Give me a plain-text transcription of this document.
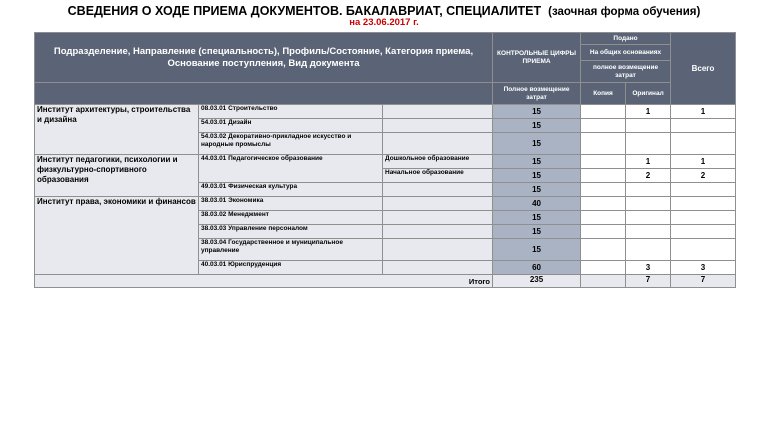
СВЕДЕНИЯ О ХОДЕ ПРИЕМА ДОКУМЕНТОВ. БАКАЛАВРИАТ, СПЕЦИАЛИТЕТ (заочная форма обучения)
на 23.06.2017 г.
Подразделение, Направление (специальность), Профиль/Состояние, Категория приема, Основание поступления, Вид документа			КОНТРОЛЬНЫЕ ЦИФРЫ ПРИЕМА	Подано		Всего
				На общих основаниях		
				полное возмещение затрат		
			Полное возмещение затрат	Копия	Оригинал	
Институт архитектуры, строительства и дизайна	08.03.01 Строительство		15		1	1
	54.03.01 Дизайн		15			
	54.03.02 Декоративно-прикладное искусство и народные промыслы		15			
Институт педагогики, психологии и физкультурно-спортивного образования	44.03.01 Педагогическое образование	Дошкольное образование	15		1	1
		Начальное образование	15		2	2
	49.03.01 Физическая культура		15			
Институт права, экономики и финансов	38.03.01 Экономика		40			
	38.03.02 Менеджмент		15			
	38.03.03 Управление персоналом		15			
	38.03.04 Государственное и муниципальное управление		15			
	40.03.01 Юриспруденция		60		3	3
Итого			235		7	7
